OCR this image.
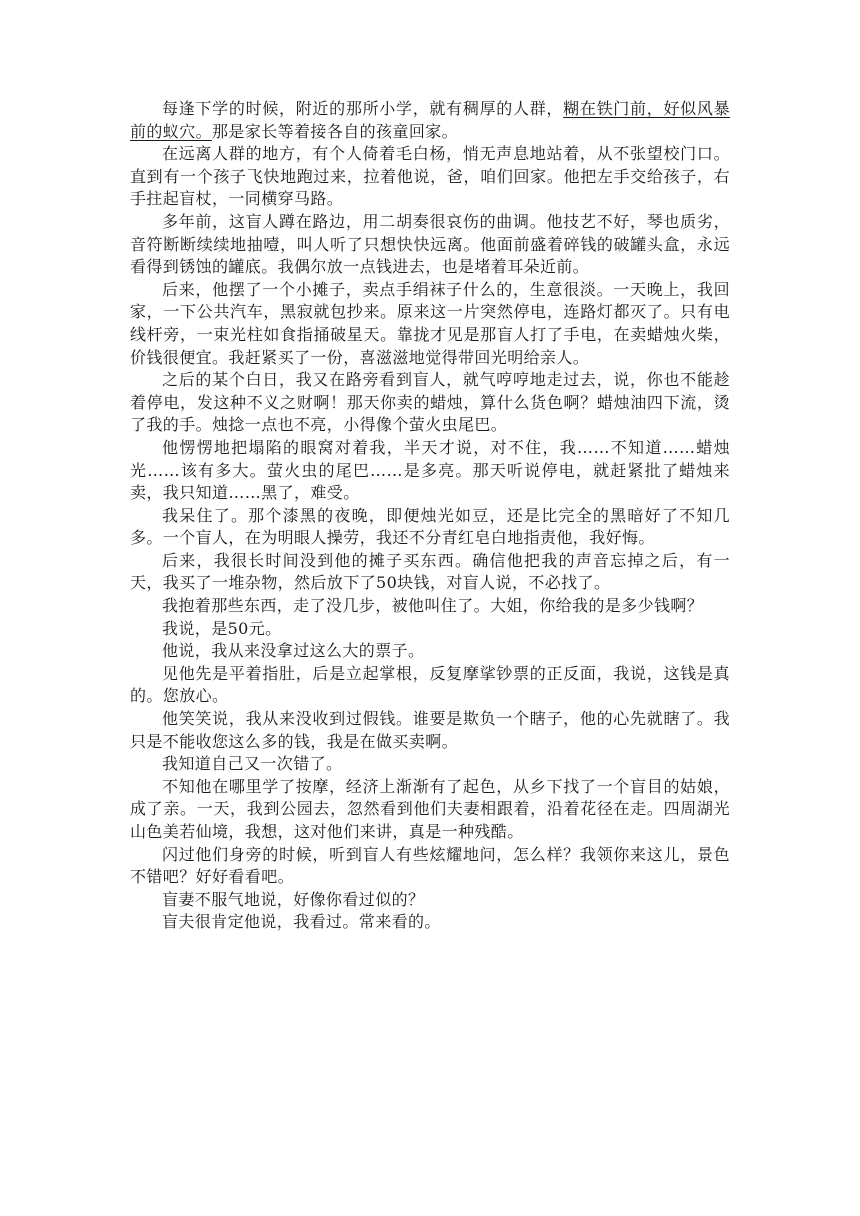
每逢下学的时候，附近的那所小学，就有稠厚的人群，糊在铁门前，好似风暴前的蚁穴。那是家长等着接各自的孩童回家。

在远离人群的地方，有个人倚着毛白杨，悄无声息地站着，从不张望校门口。直到有一个孩子飞快地跑过来，拉着他说，爸，咱们回家。他把左手交给孩子，右手拄起盲杖，一同横穿马路。

多年前，这盲人蹲在路边，用二胡奏很哀伤的曲调。他技艺不好，琴也质劣，音符断断续续地抽噎，叫人听了只想快快远离。他面前盛着碎钱的破罐头盒，永远看得到锈蚀的罐底。我偶尔放一点钱进去，也是堵着耳朵近前。

后来，他摆了一个小摊子，卖点手绢袜子什么的，生意很淡。一天晚上，我回家，一下公共汽车，黑寂就包抄来。原来这一片突然停电，连路灯都灭了。只有电线杆旁，一束光柱如食指捅破星天。靠拢才见是那盲人打了手电，在卖蜡烛火柴，价钱很便宜。我赶紧买了一份，喜滋滋地觉得带回光明给亲人。

之后的某个白日，我又在路旁看到盲人，就气哼哼地走过去，说，你也不能趁着停电，发这种不义之财啊！那天你卖的蜡烛，算什么货色啊？蜡烛油四下流，烫了我的手。烛捻一点也不亮，小得像个萤火虫尾巴。

他愣愣地把塌陷的眼窝对着我，半天才说，对不住，我……不知道……蜡烛光……该有多大。萤火虫的尾巴……是多亮。那天听说停电，就赶紧批了蜡烛来卖，我只知道……黑了，难受。

我呆住了。那个漆黑的夜晚，即便烛光如豆，还是比完全的黑暗好了不知几多。一个盲人，在为明眼人操劳，我还不分青红皂白地指责他，我好悔。

后来，我很长时间没到他的摊子买东西。确信他把我的声音忘掉之后，有一天，我买了一堆杂物，然后放下了50块钱，对盲人说，不必找了。

我抱着那些东西，走了没几步，被他叫住了。大姐，你给我的是多少钱啊？

我说，是50元。

他说，我从来没拿过这么大的票子。

见他先是平着指肚，后是立起掌根，反复摩挲钞票的正反面，我说，这钱是真的。您放心。

他笑笑说，我从来没收到过假钱。谁要是欺负一个瞎子，他的心先就瞎了。我只是不能收您这么多的钱，我是在做买卖啊。

我知道自己又一次错了。

不知他在哪里学了按摩，经济上渐渐有了起色，从乡下找了一个盲目的姑娘，成了亲。一天，我到公园去，忽然看到他们夫妻相跟着，沿着花径在走。四周湖光山色美若仙境，我想，这对他们来讲，真是一种残酷。

闪过他们身旁的时候，听到盲人有些炫耀地问，怎么样？我领你来这儿，景色不错吧？好好看看吧。

盲妻不服气地说，好像你看过似的？

盲夫很肯定他说，我看过。常来看的。
